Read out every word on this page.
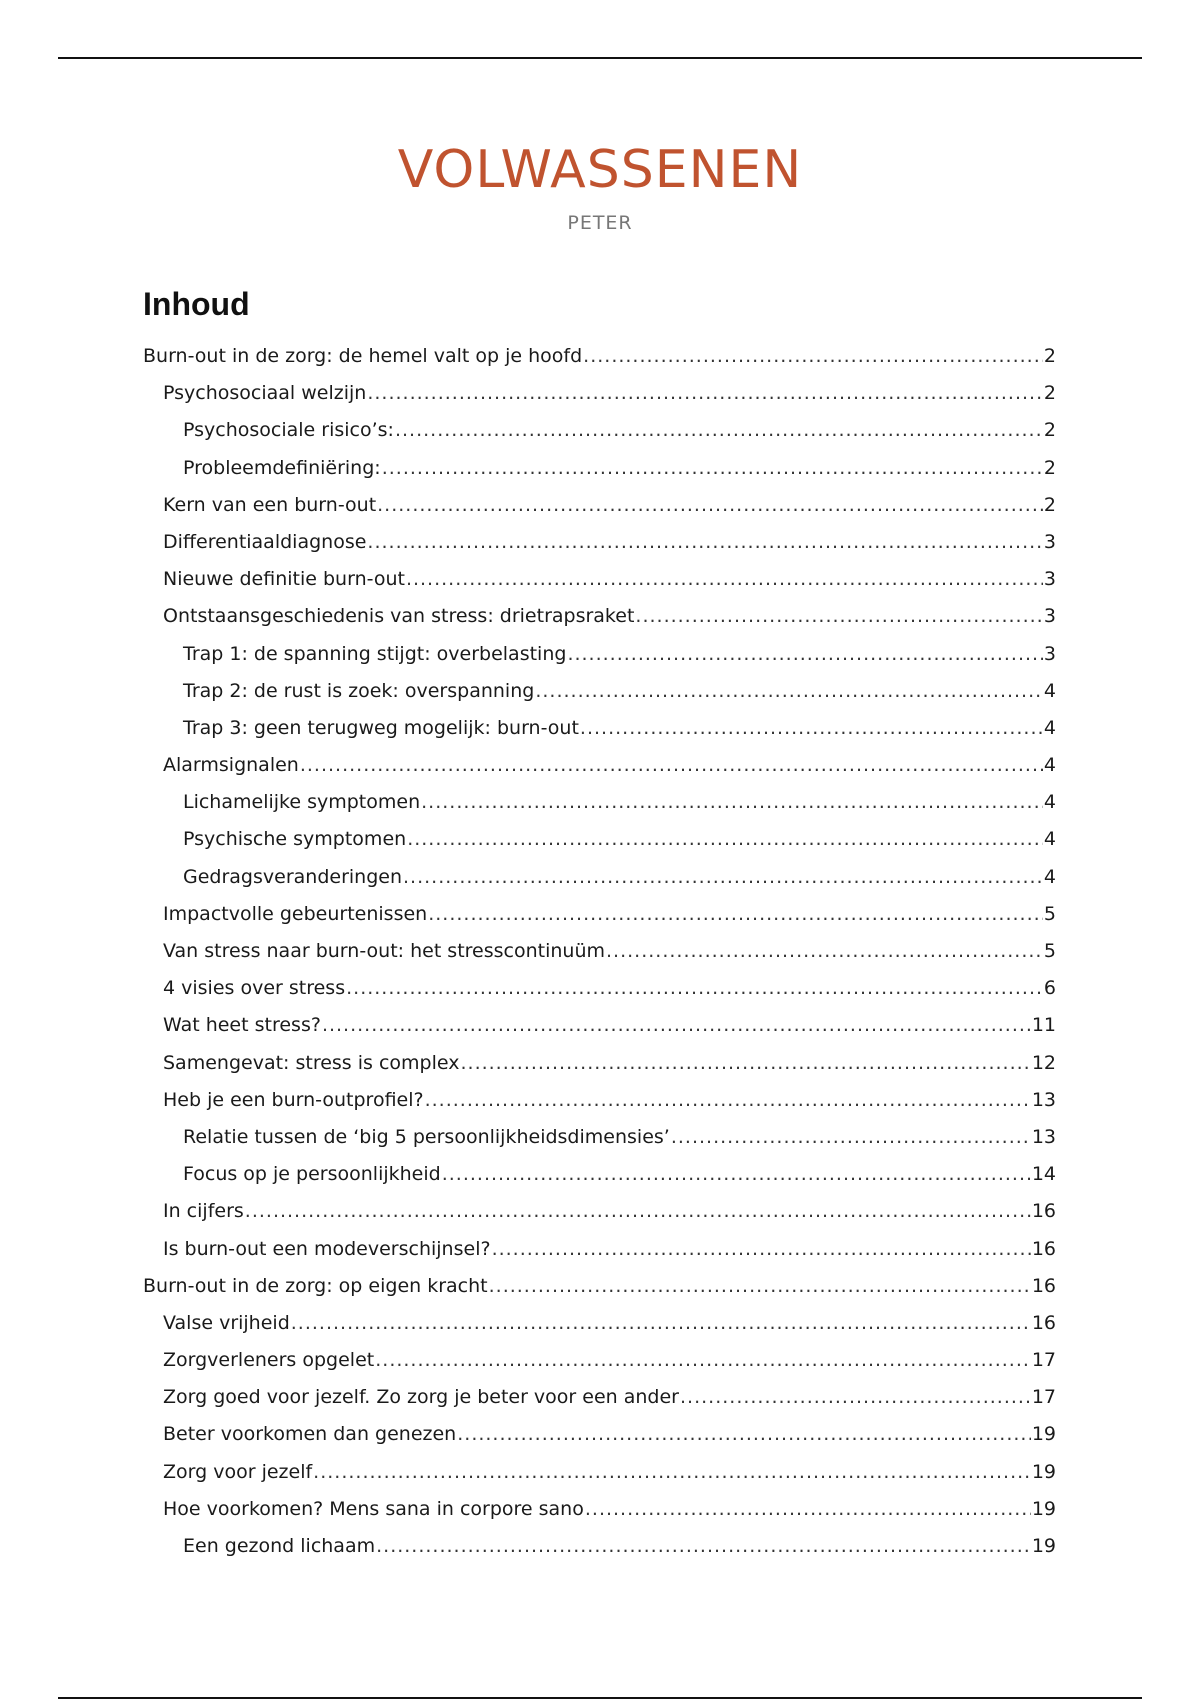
VOLWASSENEN
PETER
Inhoud
Burn-out in de zorg: de hemel valt op je hoofd .....	2
Psychosociaal welzijn .....	2
Psychosociale risico’s: .....	2
Probleemdefiniëring: .....	2
Kern van een burn-out .....	2
Differentiaaldiagnose .....	3
Nieuwe definitie burn-out .....	3
Ontstaansgeschiedenis van stress: drietrapsraket .....	3
Trap 1: de spanning stijgt: overbelasting .....	3
Trap 2: de rust is zoek: overspanning .....	4
Trap 3: geen terugweg mogelijk: burn-out .....	4
Alarmsignalen .....	4
Lichamelijke symptomen .....	4
Psychische symptomen .....	4
Gedragsveranderingen .....	4
Impactvolle gebeurtenissen .....	5
Van stress naar burn-out: het stresscontinuüm .....	5
4 visies over stress .....	6
Wat heet stress? .....	11
Samengevat: stress is complex .....	12
Heb je een burn-outprofiel? .....	13
Relatie tussen de ‘big 5 persoonlijkheidsdimensies’ .....	13
Focus op je persoonlijkheid .....	14
In cijfers .....	16
Is burn-out een modeverschijnsel? .....	16
Burn-out in de zorg: op eigen kracht .....	16
Valse vrijheid .....	16
Zorgverleners opgelet .....	17
Zorg goed voor jezelf. Zo zorg je beter voor een ander .....	17
Beter voorkomen dan genezen .....	19
Zorg voor jezelf .....	19
Hoe voorkomen? Mens sana in corpore sano .....	19
Een gezond lichaam .....	19
